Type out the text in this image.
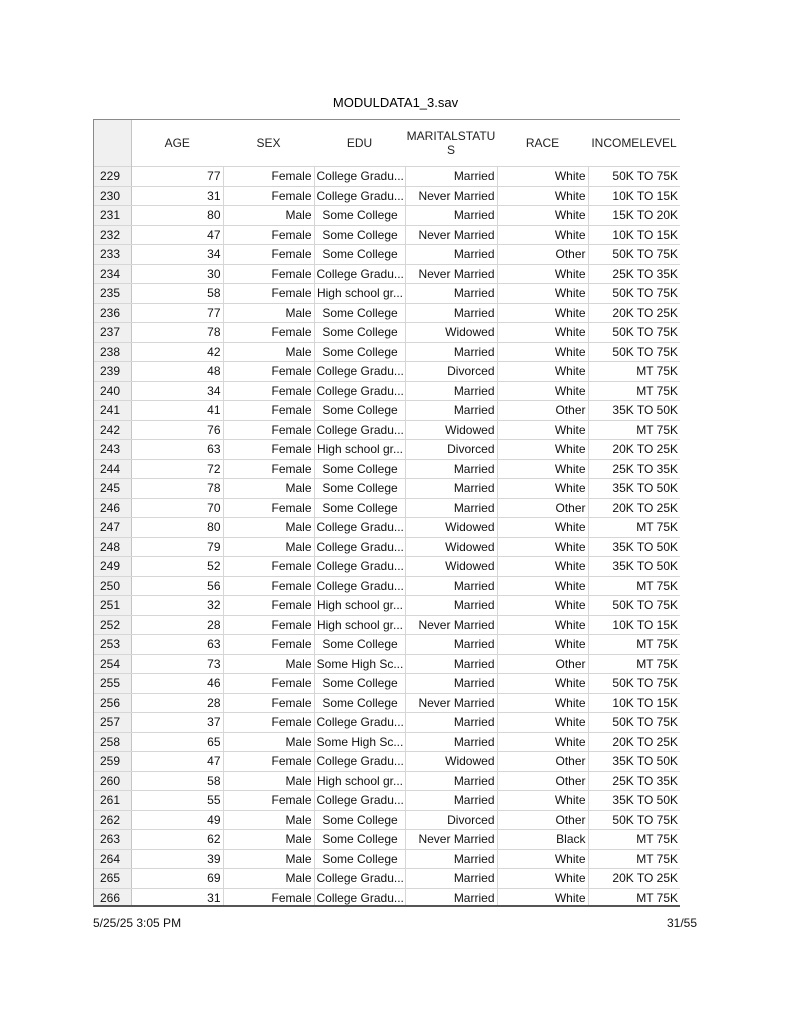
MODULDATA1_3.sav
	AGE	SEX	EDU	MARITALSTATUS	RACE	INCOMELEVEL
229	77	Female	College Gradu...	Married	White	50K TO 75K
230	31	Female	College Gradu...	Never Married	White	10K TO 15K
231	80	Male	Some College	Married	White	15K TO 20K
232	47	Female	Some College	Never Married	White	10K TO 15K
233	34	Female	Some College	Married	Other	50K TO 75K
234	30	Female	College Gradu...	Never Married	White	25K TO 35K
235	58	Female	High school gr...	Married	White	50K TO 75K
236	77	Male	Some College	Married	White	20K TO 25K
237	78	Female	Some College	Widowed	White	50K TO 75K
238	42	Male	Some College	Married	White	50K TO 75K
239	48	Female	College Gradu...	Divorced	White	MT 75K
240	34	Female	College Gradu...	Married	White	MT 75K
241	41	Female	Some College	Married	Other	35K TO 50K
242	76	Female	College Gradu...	Widowed	White	MT 75K
243	63	Female	High school gr...	Divorced	White	20K TO 25K
244	72	Female	Some College	Married	White	25K TO 35K
245	78	Male	Some College	Married	White	35K TO 50K
246	70	Female	Some College	Married	Other	20K TO 25K
247	80	Male	College Gradu...	Widowed	White	MT 75K
248	79	Male	College Gradu...	Widowed	White	35K TO 50K
249	52	Female	College Gradu...	Widowed	White	35K TO 50K
250	56	Female	College Gradu...	Married	White	MT 75K
251	32	Female	High school gr...	Married	White	50K TO 75K
252	28	Female	High school gr...	Never Married	White	10K TO 15K
253	63	Female	Some College	Married	White	MT 75K
254	73	Male	Some High Sc...	Married	Other	MT 75K
255	46	Female	Some College	Married	White	50K TO 75K
256	28	Female	Some College	Never Married	White	10K TO 15K
257	37	Female	College Gradu...	Married	White	50K TO 75K
258	65	Male	Some High Sc...	Married	White	20K TO 25K
259	47	Female	College Gradu...	Widowed	Other	35K TO 50K
260	58	Male	High school gr...	Married	Other	25K TO 35K
261	55	Female	College Gradu...	Married	White	35K TO 50K
262	49	Male	Some College	Divorced	Other	50K TO 75K
263	62	Male	Some College	Never Married	Black	MT 75K
264	39	Male	Some College	Married	White	MT 75K
265	69	Male	College Gradu...	Married	White	20K TO 25K
266	31	Female	College Gradu...	Married	White	MT 75K
5/25/25 3:05 PM	31/55
